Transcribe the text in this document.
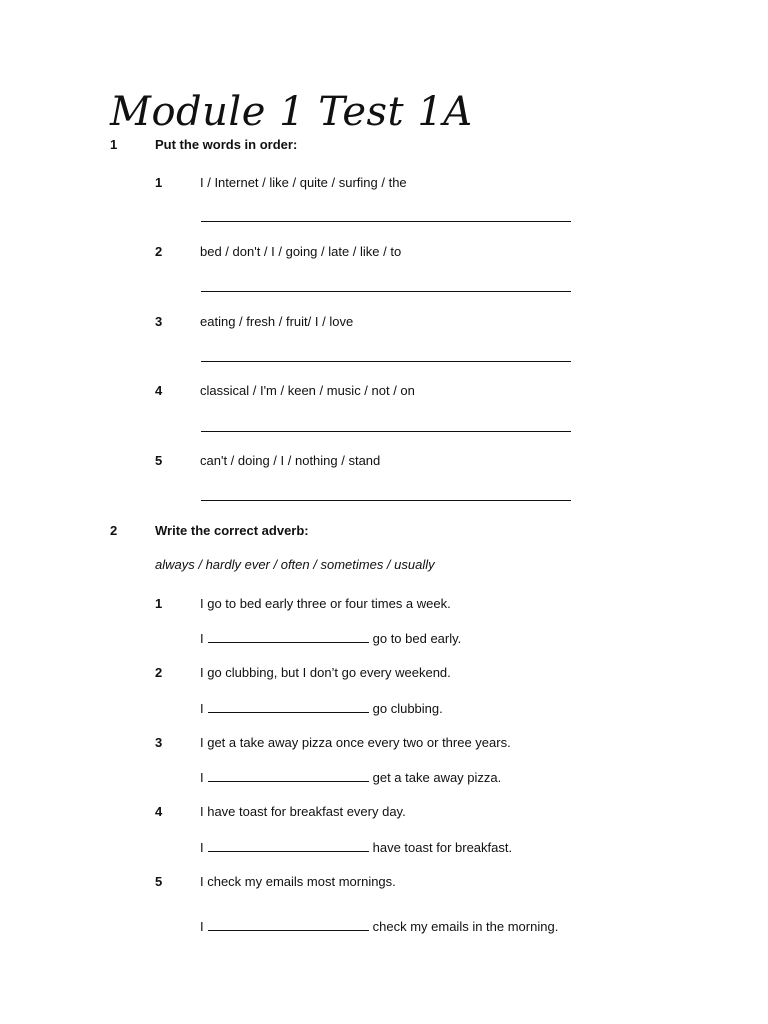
Module 1 Test 1A
1	Put the words in order:
1	I / Internet / like / quite / surfing / the
2	bed / don't / I / going / late / like / to
3	eating / fresh / fruit/ I / love
4	classical / I'm / keen / music / not / on
5	can't / doing / I / nothing / stand
2	Write the correct adverb:
always / hardly ever / often / sometimes / usually
1	I go to bed early three or four times a week.
I	go to bed early.
2	I go clubbing, but I don’t go every weekend.
I	go clubbing.
3	I get a take away pizza once every two or three years.
I	get a take away pizza.
4	I have toast for breakfast every day.
I	have toast for breakfast.
5	I check my emails most mornings.
I	check my emails in the morning.
